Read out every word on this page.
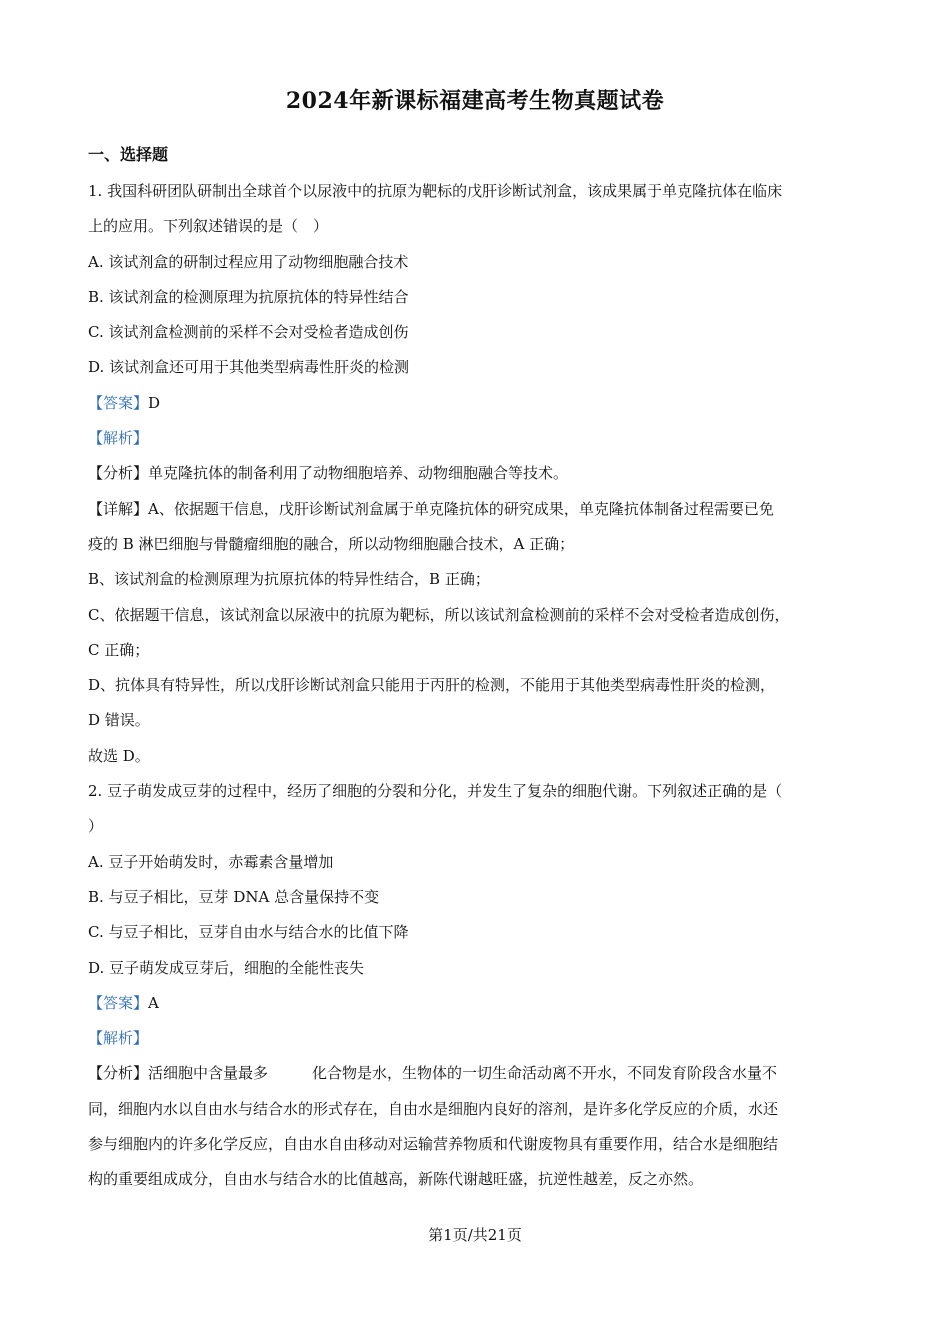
2024年新课标福建高考生物真题试卷
一、选择题
1. 我国科研团队研制出全球首个以尿液中的抗原为靶标的戊肝诊断试剂盒，该成果属于单克隆抗体在临床
上的应用。下列叙述错误的是（　）
A. 该试剂盒的研制过程应用了动物细胞融合技术
B. 该试剂盒的检测原理为抗原抗体的特异性结合
C. 该试剂盒检测前的采样不会对受检者造成创伤
D. 该试剂盒还可用于其他类型病毒性肝炎的检测
【答案】D
【解析】
【分析】单克隆抗体的制备利用了动物细胞培养、动物细胞融合等技术。
【详解】A、依据题干信息，戊肝诊断试剂盒属于单克隆抗体的研究成果，单克隆抗体制备过程需要已免
疫的 B 淋巴细胞与骨髓瘤细胞的融合，所以动物细胞融合技术，A 正确；
B、该试剂盒的检测原理为抗原抗体的特异性结合，B 正确；
C、依据题干信息，该试剂盒以尿液中的抗原为靶标，所以该试剂盒检测前的采样不会对受检者造成创伤，
C 正确；
D、抗体具有特异性，所以戊肝诊断试剂盒只能用于丙肝的检测，不能用于其他类型病毒性肝炎的检测，
D 错误。
故选 D。
2. 豆子萌发成豆芽的过程中，经历了细胞的分裂和分化，并发生了复杂的细胞代谢。下列叙述正确的是（
）
A. 豆子开始萌发时，赤霉素含量增加
B. 与豆子相比，豆芽 DNA 总含量保持不变
C. 与豆子相比，豆芽自由水与结合水的比值下降
D. 豆子萌发成豆芽后，细胞的全能性丧失
【答案】A
【解析】
【分析】活细胞中含量最多	化合物是水，生物体的一切生命活动离不开水，不同发育阶段含水量不
同，细胞内水以自由水与结合水的形式存在，自由水是细胞内良好的溶剂，是许多化学反应的介质，水还
参与细胞内的许多化学反应，自由水自由移动对运输营养物质和代谢废物具有重要作用，结合水是细胞结
构的重要组成成分，自由水与结合水的比值越高，新陈代谢越旺盛，抗逆性越差，反之亦然。
第1页/共21页
